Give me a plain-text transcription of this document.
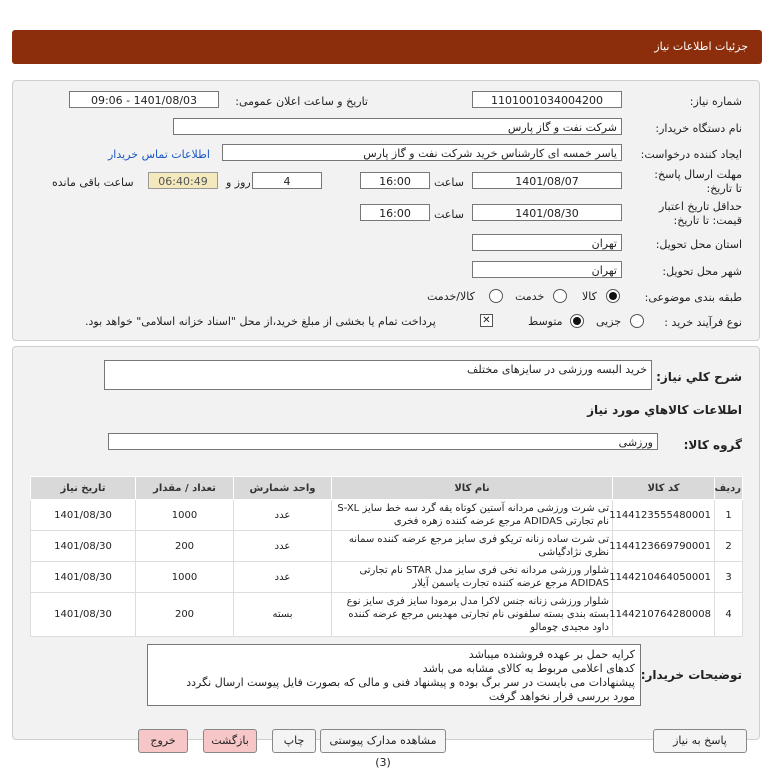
جزئیات اطلاعات نیاز
شماره نیاز:
1101001034004200
تاریخ و ساعت اعلان عمومی:
1401/08/03 - 09:06
نام دستگاه خریدار:
شرکت نفت و گاز پارس
ایجاد کننده درخواست:
یاسر خمسه ای کارشناس خرید شرکت نفت و گاز پارس
اطلاعات تماس خریدار
مهلت ارسال پاسخ: تا تاریخ:
1401/08/07
ساعت
16:00
4
روز و
06:40:49
ساعت باقی مانده
حداقل تاریخ اعتبار قیمت: تا تاریخ:
1401/08/30
ساعت
16:00
استان محل تحویل:
تهران
شهر محل تحویل:
تهران
طبقه بندی موضوعی:
کالا
خدمت
کالا/خدمت
نوع فرآیند خرید :
جزیی
متوسط
✕
پرداخت تمام یا بخشی از مبلغ خرید،از محل "اسناد خزانه اسلامی" خواهد بود.
شرح کلي نیاز:
خرید البسه ورزشی در سایزهای مختلف
اطلاعات کالاهاي مورد نیاز
گروه کالا:
ورزشی
ردیف	کد کالا	نام کالا	واحد شمارش	تعداد / مقدار	تاریخ نیاز
1	1144123555480001	تی شرت ورزشی مردانه آستین کوتاه یقه گرد سه خط سایز S-XL نام تجارتی ADIDAS مرجع عرضه کننده زهره فخری	عدد	1000	1401/08/30
2	1144123669790001	تی شرت ساده زنانه تریکو فری سایز مرجع عرضه کننده سمانه نظری نژادگیاشی	عدد	200	1401/08/30
3	1144210464050001	شلوار ورزشی مردانه نخی فری سایز مدل STAR نام تجارتی ADIDAS مرجع عرضه کننده تجارت یاسمن آیلار	عدد	1000	1401/08/30
4	1144210764280008	شلوار ورزشی زنانه جنس لاکرا مدل برمودا سایز فری سایز نوع بسته بندی بسته سلفونی نام تجارتی مهدیس مرجع عرضه کننده داود مجیدی چومالو	بسته	200	1401/08/30
توضیحات خریدار:
کرایه حمل بر عهده فروشنده میباشد
کدهای اعلامی مربوط به کالای مشابه می باشد
پیشنهادات می بایست در سر برگ بوده و پیشنهاد فنی و مالی که بصورت فایل پیوست ارسال نگردد
مورد بررسی قرار نخواهد گرفت
پاسخ به نیاز
مشاهده مدارک پیوستی (3)
چاپ
بازگشت
خروج
